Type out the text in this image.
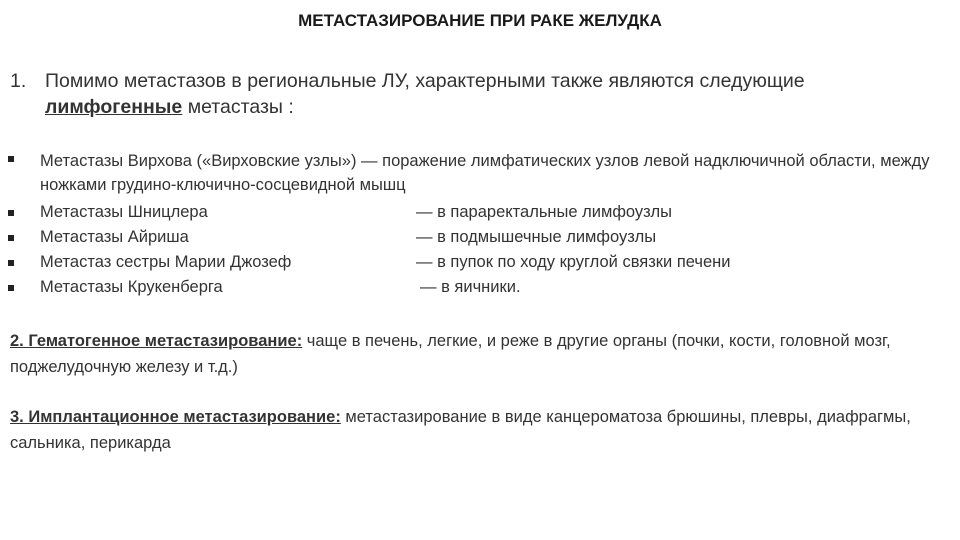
МЕТАСТАЗИРОВАНИЕ ПРИ РАКЕ ЖЕЛУДКА
1. Помимо метастазов в региональные ЛУ, характерными также являются следующие лимфогенные метастазы :
Метастазы Вирхова («Вирховские узлы») — поражение лимфатических узлов левой надключичной области, между ножками грудино-ключично-сосцевидной мышц
Метастазы Шницлера	— в параректальные лимфоузлы
Метастазы Айриша	— в подмышечные лимфоузлы
Метастаз сестры Марии Джозеф	— в пупок по ходу круглой связки печени
Метастазы Крукенберга	— в яичники.
2. Гематогенное метастазирование: чаще в печень, легкие, и реже в другие органы (почки, кости, головной мозг, поджелудочную железу и т.д.)
3. Имплантационное метастазирование: метастазирование в виде канцероматоза брюшины, плевры, диафрагмы, сальника, перикарда
